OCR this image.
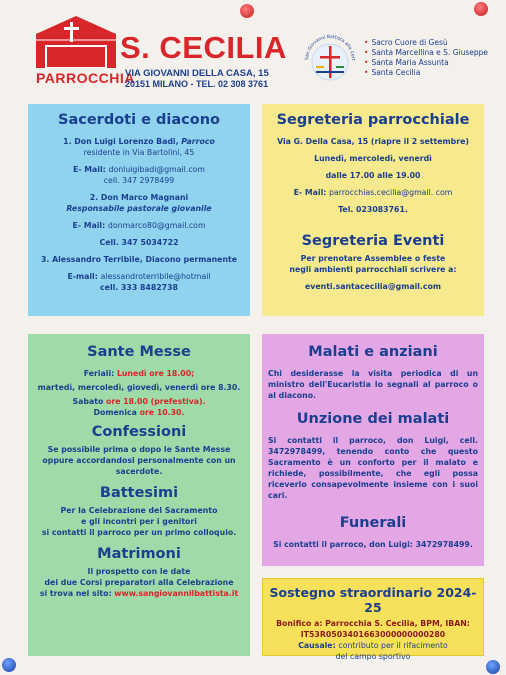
S. CECILIA
PARROCCHIA
VIA GIOVANNI DELLA CASA, 15
20151 MILANO - TEL. 02 308 3761
San Giovanni Battista alla Cert
• Sacro Cuore di Gesù
• Santa Marcellina e S. Giuseppe
• Santa Maria Assunta
• Santa Cecilia
Sacerdoti e diacono

1. Don Luigi Lorenzo Badi, Parroco

residente in Via Bartolini, 45

E- Mail: donluigibadi@gmail.com

cell. 347 2978499

2. Don Marco Magnani

Responsabile pastorale giovanile

E- Mail: donmarco80@gmail.com

Cell. 347 5034722

3. Alessandro Terribile, Diacono permanente

E-mail: alessandroterribile@hotmail

cell. 333 8482738

Segreteria parrocchiale

Via G. Della Casa, 15 (riapre il 2 settembre)

Lunedì, mercoledì, venerdì

dalle 17.00 alle 19.00

E- Mail: parrocchias.cecilia@gmail. com

Tel. 023083761.

Segreteria Eventi

Per prenotare Assemblee o feste

negli ambienti parrocchiali scrivere a:

eventi.santacecilia@gmail.com

Sante Messe

Feriali: Lunedì ore 18.00;

martedì, mercoledì, giovedì, venerdì ore 8.30.

Sabato ore 18.00 (prefestiva).

Domenica ore 10.30.

Confessioni

Se possibile prima o dopo le Sante Messe oppure accordandosi personalmente con un sacerdote.

Battesimi

Per la Celebrazione del Sacramento

e gli incontri per i genitori

si contatti il parroco per un primo colloquio.

Matrimoni

Il prospetto con le date

dei due Corsi preparatori alla Celebrazione

si trova nel sito: www.sangiovannilbattista.it

Malati e anziani

Chi desiderasse la visita periodica di un ministro dell'Eucaristia lo segnali al parroco o al diacono.

Unzione dei malati

Si contatti il parroco, don Luigi, cell. 3472978499, tenendo conto che questo Sacramento è un conforto per il malato e richiede, possibilmente, che egli possa riceverlo consapevolmente insieme con i suoi cari.

Funerali

Si contatti il parroco, don Luigi: 3472978499.

Sostegno straordinario 2024-25

Bonifico a: Parrocchia S. Cecilia, BPM, IBAN:

IT53R0503401663000000000280

Causale: contributo per il rifacimento

del campo sportivo
